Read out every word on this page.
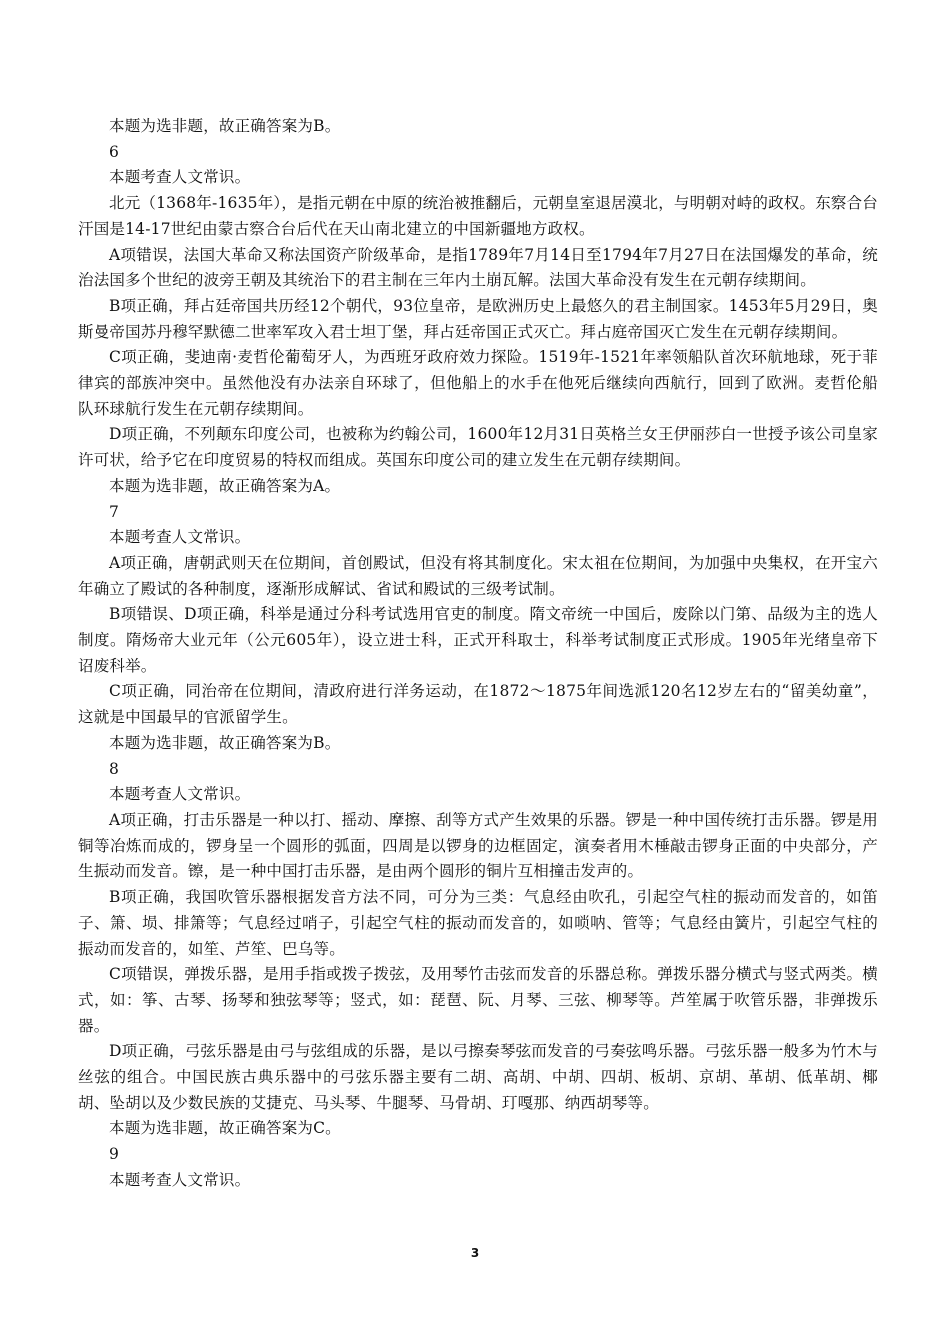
本题为选非题，故正确答案为B。

6

本题考查人文常识。

北元（1368年-1635年），是指元朝在中原的统治被推翻后，元朝皇室退居漠北，与明朝对峙的政权。东察合台汗国是14-17世纪由蒙古察合台后代在天山南北建立的中国新疆地方政权。

A项错误，法国大革命又称法国资产阶级革命，是指1789年7月14日至1794年7月27日在法国爆发的革命，统治法国多个世纪的波旁王朝及其统治下的君主制在三年内土崩瓦解。法国大革命没有发生在元朝存续期间。

B项正确，拜占廷帝国共历经12个朝代，93位皇帝，是欧洲历史上最悠久的君主制国家。1453年5月29日，奥斯曼帝国苏丹穆罕默德二世率军攻入君士坦丁堡，拜占廷帝国正式灭亡。拜占庭帝国灭亡发生在元朝存续期间。

C项正确，斐迪南·麦哲伦葡萄牙人，为西班牙政府效力探险。1519年-1521年率领船队首次环航地球，死于菲律宾的部族冲突中。虽然他没有办法亲自环球了，但他船上的水手在他死后继续向西航行，回到了欧洲。麦哲伦船队环球航行发生在元朝存续期间。

D项正确，不列颠东印度公司，也被称为约翰公司，1600年12月31日英格兰女王伊丽莎白一世授予该公司皇家许可状，给予它在印度贸易的特权而组成。英国东印度公司的建立发生在元朝存续期间。

本题为选非题，故正确答案为A。

7

本题考查人文常识。

A项正确，唐朝武则天在位期间，首创殿试，但没有将其制度化。宋太祖在位期间，为加强中央集权，在开宝六年确立了殿试的各种制度，逐渐形成解试、省试和殿试的三级考试制。

B项错误、D项正确，科举是通过分科考试选用官吏的制度。隋文帝统一中国后，废除以门第、品级为主的选人制度。隋炀帝大业元年（公元605年），设立进士科，正式开科取士，科举考试制度正式形成。1905年光绪皇帝下诏废科举。

C项正确，同治帝在位期间，清政府进行洋务运动，在1872～1875年间选派120名12岁左右的“留美幼童”，这就是中国最早的官派留学生。

本题为选非题，故正确答案为B。

8

本题考查人文常识。

A项正确，打击乐器是一种以打、摇动、摩擦、刮等方式产生效果的乐器。锣是一种中国传统打击乐器。锣是用铜等冶炼而成的，锣身呈一个圆形的弧面，四周是以锣身的边框固定，演奏者用木棰敲击锣身正面的中央部分，产生振动而发音。镲，是一种中国打击乐器，是由两个圆形的铜片互相撞击发声的。

B项正确，我国吹管乐器根据发音方法不同，可分为三类：气息经由吹孔，引起空气柱的振动而发音的，如笛子、箫、埙、排箫等；气息经过哨子，引起空气柱的振动而发音的，如唢呐、管等；气息经由簧片，引起空气柱的振动而发音的，如笙、芦笙、巴乌等。

C项错误，弹拨乐器，是用手指或拨子拨弦，及用琴竹击弦而发音的乐器总称。弹拨乐器分横式与竖式两类。横式，如：筝、古琴、扬琴和独弦琴等；竖式，如：琵琶、阮、月琴、三弦、柳琴等。芦笙属于吹管乐器，非弹拨乐器。

D项正确，弓弦乐器是由弓与弦组成的乐器，是以弓擦奏琴弦而发音的弓奏弦鸣乐器。弓弦乐器一般多为竹木与丝弦的组合。中国民族古典乐器中的弓弦乐器主要有二胡、高胡、中胡、四胡、板胡、京胡、革胡、低革胡、椰胡、坠胡以及少数民族的艾捷克、马头琴、牛腿琴、马骨胡、玎嘎那、纳西胡琴等。

本题为选非题，故正确答案为C。

9

本题考查人文常识。

3
